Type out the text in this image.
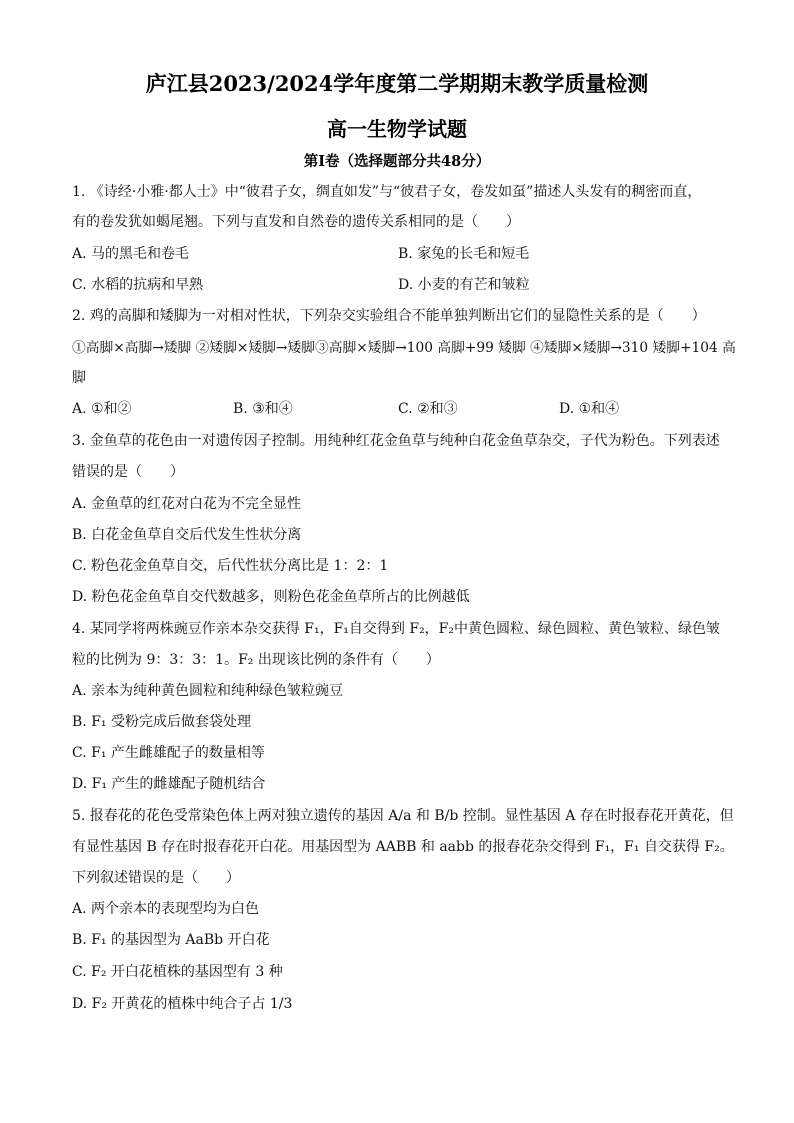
庐江县2023/2024学年度第二学期期末教学质量检测
高一生物学试题
第Ⅰ卷（选择题部分共48分）
1. 《诗经·小雅·都人士》中“彼君子女，绸直如发”与“彼君子女，卷发如虿”描述人头发有的稠密而直，
有的卷发犹如蝎尾翘。下列与直发和自然卷的遗传关系相同的是（　　）
A. 马的黑毛和卷毛	B. 家兔的长毛和短毛
C. 水稻的抗病和早熟	D. 小麦的有芒和皱粒
2. 鸡的高脚和矮脚为一对相对性状，下列杂交实验组合不能单独判断出它们的显隐性关系的是（　　）
①高脚×高脚→矮脚 ②矮脚×矮脚→矮脚③高脚×矮脚→100 高脚+99 矮脚 ④矮脚×矮脚→310 矮脚+104 高
脚
A. ①和②	B. ③和④	C. ②和③	D. ①和④
3. 金鱼草的花色由一对遗传因子控制。用纯种红花金鱼草与纯种白花金鱼草杂交，子代为粉色。下列表述
错误的是（　　）
A. 金鱼草的红花对白花为不完全显性
B. 白花金鱼草自交后代发生性状分离
C. 粉色花金鱼草自交，后代性状分离比是 1：2：1
D. 粉色花金鱼草自交代数越多，则粉色花金鱼草所占的比例越低
4. 某同学将两株豌豆作亲本杂交获得 F₁，F₁自交得到 F₂，F₂中黄色圆粒、绿色圆粒、黄色皱粒、绿色皱
粒的比例为 9：3：3：1。F₂ 出现该比例的条件有（　　）
A. 亲本为纯种黄色圆粒和纯种绿色皱粒豌豆
B. F₁ 受粉完成后做套袋处理
C. F₁ 产生雌雄配子的数量相等
D. F₁ 产生的雌雄配子随机结合
5. 报春花的花色受常染色体上两对独立遗传的基因 A/a 和 B/b 控制。显性基因 A 存在时报春花开黄花，但
有显性基因 B 存在时报春花开白花。用基因型为 AABB 和 aabb 的报春花杂交得到 F₁，F₁ 自交获得 F₂。
下列叙述错误的是（　　）
A. 两个亲本的表现型均为白色
B. F₁ 的基因型为 AaBb 开白花
C. F₂ 开白花植株的基因型有 3 种
D. F₂ 开黄花的植株中纯合子占 1/3
